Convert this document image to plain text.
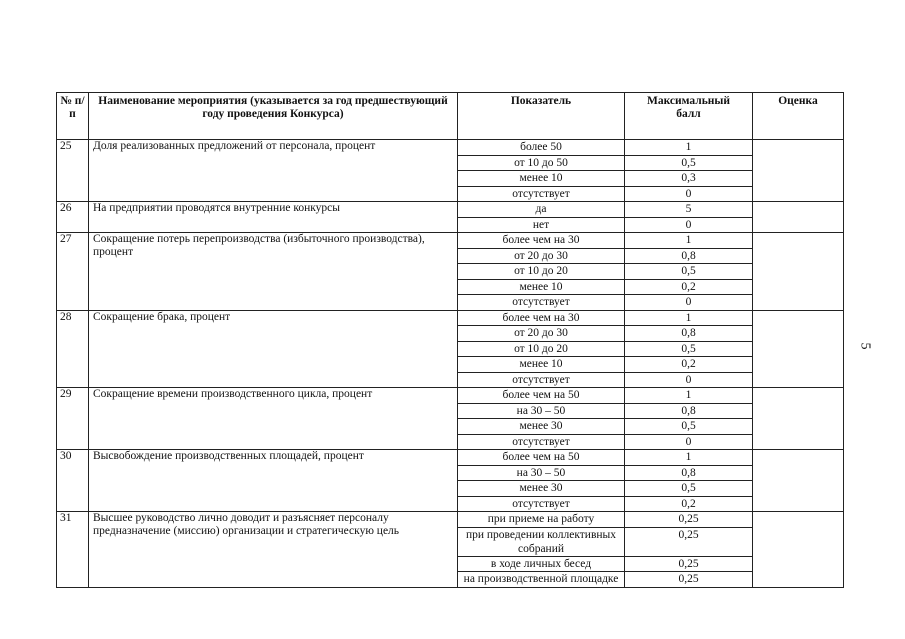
№ п/п	Наименование мероприятия (указывается за год предшествующий году проведения Конкурса)	Показатель	Максимальный балл	Оценка
25	Доля реализованных предложений от персонала, процент	более 50	1	
		от 10 до 50	0,5	
		менее 10	0,3	
		отсутствует	0	
26	На предприятии проводятся внутренние конкурсы	да	5	
		нет	0	
27	Сокращение потерь перепроизводства (избыточного производства), процент	более чем на 30	1	
		от 20 до 30	0,8	
		от 10 до 20	0,5	
		менее 10	0,2	
		отсутствует	0	
28	Сокращение брака, процент	более чем на 30	1	
		от 20 до 30	0,8	
		от 10 до 20	0,5	
		менее 10	0,2	
		отсутствует	0	
29	Сокращение времени производственного цикла, процент	более чем на 50	1	
		на 30 – 50	0,8	
		менее 30	0,5	
		отсутствует	0	
30	Высвобождение производственных площадей, процент	более чем на 50	1	
		на 30 – 50	0,8	
		менее 30	0,5	
		отсутствует	0,2	
31	Высшее руководство лично доводит и разъясняет персоналу предназначение (миссию) организации и стратегическую цель	при приеме на работу	0,25	
		при проведении коллективных собраний	0,25	
		в ходе личных бесед	0,25	
		на производственной площадке	0,25	
5
